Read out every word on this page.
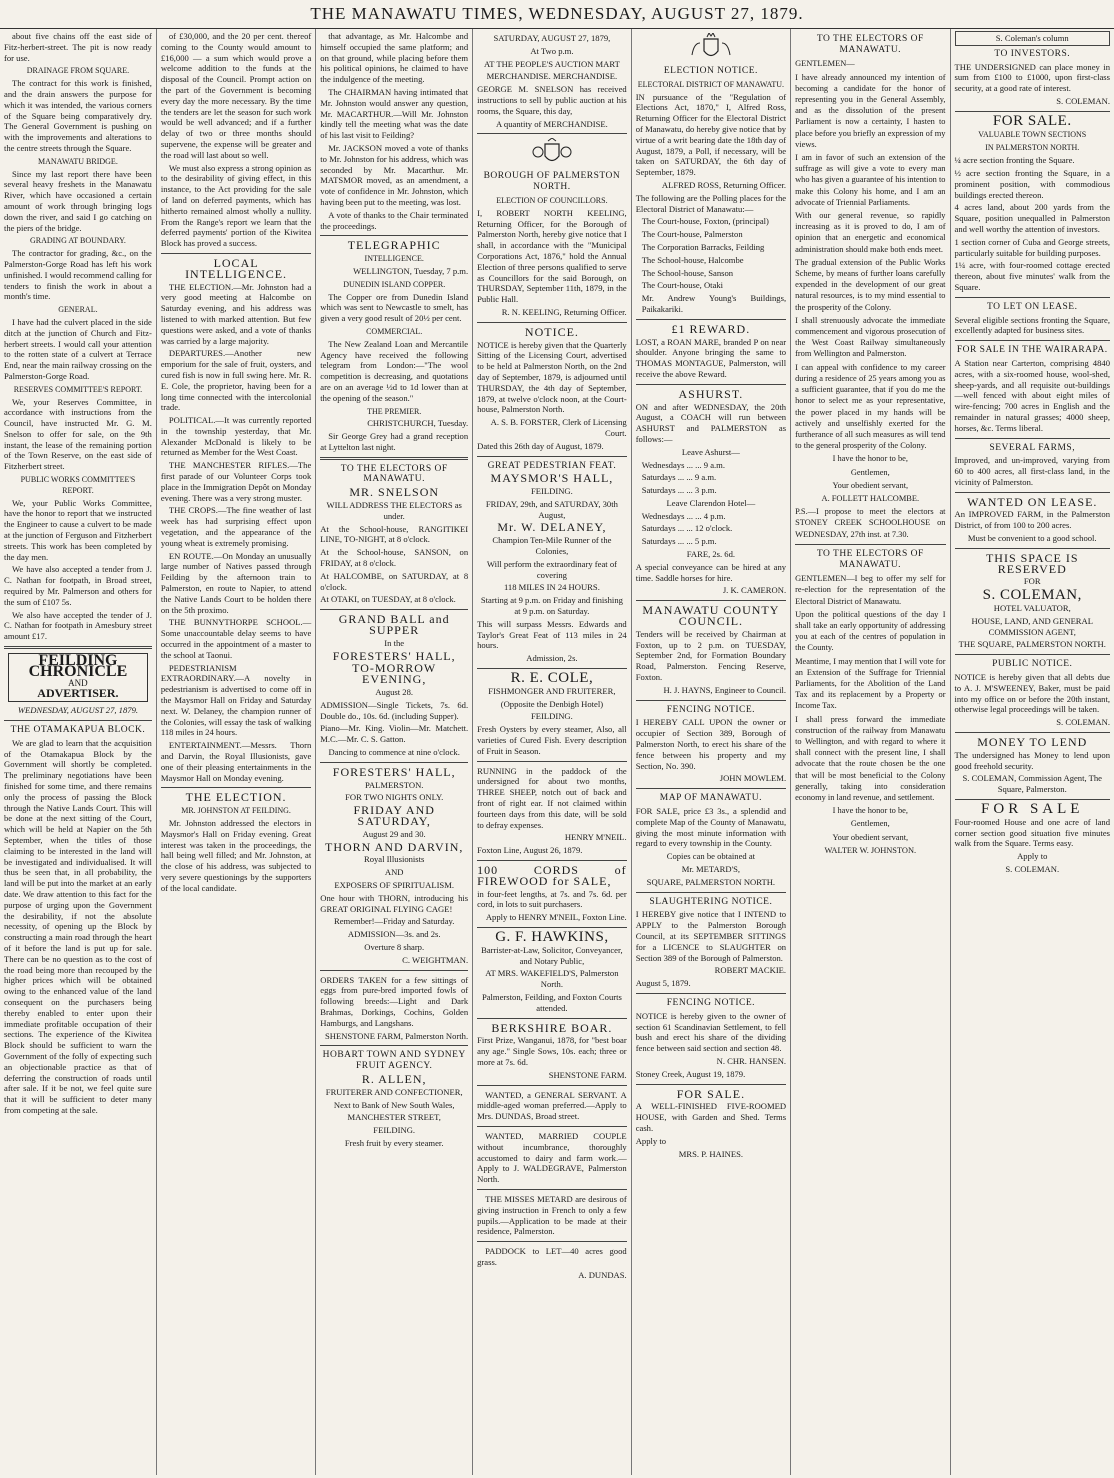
THE MANAWATU TIMES, WEDNESDAY, AUGUST 27, 1879.

about five chains off the east side of Fitz-herbert-street. The pit is now ready for use.

DRAINAGE FROM SQUARE.

The contract for this work is finished, and the drain answers the purpose for which it was intended, the various corners of the Square being comparatively dry. The General Government is pushing on with the improvements and alterations to the centre streets through the Square.

MANAWATU BRIDGE.

Since my last report there have been several heavy freshets in the Manawatu River, which have occasioned a certain amount of work through bringing logs down the river, and said I go catching on the piers of the bridge.

GRADING AT BOUNDARY.

The contractor for grading, &c., on the Palmerston-Gorge Road has left his work unfinished. I would recommend calling for tenders to finish the work in about a month's time.

GENERAL.

I have had the culvert placed in the side ditch at the junction of Church and Fitz-herbert streets. I would call your attention to the rotten state of a culvert at Terrace End, near the main railway crossing on the Palmerston-Gorge Road.

RESERVES COMMITTEE'S REPORT.

We, your Reserves Committee, in accordance with instructions from the Council, have instructed Mr. G. M. Snelson to offer for sale, on the 9th instant, the lease of the remaining portion of the Town Reserve, on the east side of Fitzherbert street.

PUBLIC WORKS COMMITTEE'S REPORT.

We, your Public Works Committee, have the honor to report that we instructed the Engineer to cause a culvert to be made at the junction of Ferguson and Fitzherbert streets. This work has been completed by the day men.

We have also accepted a tender from J. C. Nathan for footpath, in Broad street, required by Mr. Palmerson and others for the sum of £107 5s.

We also have accepted the tender of J. C. Nathan for footpath in Amesbury street amount £17.

FEILDING CHRONICLE
AND
ADVERTISER.

WEDNESDAY, AUGUST 27, 1879.

THE OTAMAKAPUA BLOCK.

We are glad to learn that the acquisition of the Otamakapua Block by the Government will shortly be completed. The preliminary negotiations have been finished for some time, and there remains only the process of passing the Block through the Native Lands Court. This will be done at the next sitting of the Court, which will be held at Napier on the 5th September, when the titles of those claiming to be interested in the land will be investigated and individualised. It will thus be seen that, in all probability, the land will be put into the market at an early date. We draw attention to this fact for the purpose of urging upon the Government the desirability, if not the absolute necessity, of opening up the Block by constructing a main road through the heart of it before the land is put up for sale. There can be no question as to the cost of the road being more than recouped by the higher prices which will be obtained owing to the enhanced value of the land consequent on the purchasers being thereby enabled to enter upon their immediate profitable occupation of their sections. The experience of the Kiwitea Block should be sufficient to warn the Government of the folly of expecting such an objectionable practice as that of deferring the construction of roads until after sale. If it be not, we feel quite sure that it will be sufficient to deter many from competing at the sale.

of £30,000, and the 20 per cent. thereof coming to the County would amount to £16,000 — a sum which would prove a welcome addition to the funds at the disposal of the Council. Prompt action on the part of the Government is becoming every day the more necessary. By the time the tenders are let the season for such work would be well advanced; and if a further delay of two or three months should supervene, the expense will be greater and the road will last about so well.

We must also express a strong opinion as to the desirability of giving effect, in this instance, to the Act providing for the sale of land on deferred payments, which has hitherto remained almost wholly a nullity. From the Range's report we learn that the deferred payments' portion of the Kiwitea Block has proved a success.

LOCAL INTELLIGENCE.

THE ELECTION.—Mr. Johnston had a very good meeting at Halcombe on Saturday evening, and his address was listened to with marked attention. But few questions were asked, and a vote of thanks was carried by a large majority.

DEPARTURES.—Another new emporium for the sale of fruit, oysters, and cured fish is now in full swing here. Mr. R. E. Cole, the proprietor, having been for a long time connected with the intercolonial trade.

POLITICAL.—It was currently reported in the township yesterday, that Mr. Alexander McDonald is likely to be returned as Member for the West Coast.

THE MANCHESTER RIFLES.—The first parade of our Volunteer Corps took place in the Immigration Depôt on Monday evening. There was a very strong muster.

THE CROPS.—The fine weather of last week has had surprising effect upon vegetation, and the appearance of the young wheat is extremely promising.

EN ROUTE.—On Monday an unusually large number of Natives passed through Feilding by the afternoon train to Palmerston, en route to Napier, to attend the Native Lands Court to be holden there on the 5th proximo.

THE BUNNYTHORPE SCHOOL.—Some unaccountable delay seems to have occurred in the appointment of a master to the school at Taonui.

PEDESTRIANISM EXTRAORDINARY.—A novelty in pedestrianism is advertised to come off in the Maysmor Hall on Friday and Saturday next. W. Delaney, the champion runner of the Colonies, will essay the task of walking 118 miles in 24 hours.

ENTERTAINMENT.—Messrs. Thorn and Darvin, the Royal Illusionists, gave one of their pleasing entertainments in the Maysmor Hall on Monday evening.

THE ELECTION.
MR. JOHNSTON AT FEILDING.

Mr. Johnston addressed the electors in Maysmor's Hall on Friday evening. Great interest was taken in the proceedings, the hall being well filled; and Mr. Johnston, at the close of his address, was subjected to very severe questionings by the supporters of the local candidate.

that advantage, as Mr. Halcombe and himself occupied the same platform; and on that ground, while placing before them his political opinions, he claimed to have the indulgence of the meeting.

The CHAIRMAN having intimated that Mr. Johnston would answer any question, Mr. MACARTHUR.—Will Mr. Johnston kindly tell the meeting what was the date of his last visit to Feilding?

Mr. JACKSON moved a vote of thanks to Mr. Johnston for his address, which was seconded by Mr. Macarthur. Mr. MATSMOR moved, as an amendment, a vote of confidence in Mr. Johnston, which having been put to the meeting, was lost.

A vote of thanks to the Chair terminated the proceedings.

TELEGRAPHIC
INTELLIGENCE.

WELLINGTON, Tuesday, 7 p.m.

DUNEDIN ISLAND COPPER.

The Copper ore from Dunedin Island which was sent to Newcastle to smelt, has given a very good result of 20½ per cent.

COMMERCIAL.

The New Zealand Loan and Mercantile Agency have received the following telegram from London:—"The wool competition is decreasing, and quotations are on an average ½d to 1d lower than at the opening of the season."

THE PREMIER.

CHRISTCHURCH, Tuesday.

Sir George Grey had a grand reception at Lyttelton last night.

TO THE ELECTORS OF MANAWATU.

MR. SNELSON

WILL ADDRESS THE ELECTORS as under.

At the School-house, RANGITIKEI LINE, TO-NIGHT, at 8 o'clock.

At the School-house, SANSON, on FRIDAY, at 8 o'clock.

At HALCOMBE, on SATURDAY, at 8 o'clock.

At OTAKI, on TUESDAY, at 8 o'clock.

GRAND BALL and SUPPER

In the

FORESTERS' HALL,

TO-MORROW EVENING,

August 28.

ADMISSION—Single Tickets, 7s. 6d. Double do., 10s. 6d. (including Supper).

Piano—Mr. King. Violin—Mr. Matchett. M.C.—Mr. C. S. Gatton.

Dancing to commence at nine o'clock.

FORESTERS' HALL,

PALMERSTON.

FOR TWO NIGHTS ONLY.

FRIDAY AND SATURDAY,

August 29 and 30.

THORN AND DARVIN,

Royal Illusionists

AND

EXPOSERS OF SPIRITUALISM.

One hour with THORN, introducing his GREAT ORIGINAL FLYING CAGE!

Remember!—Friday and Saturday.

ADMISSION—3s. and 2s.

Overture 8 sharp.

C. WEIGHTMAN.

ORDERS TAKEN for a few sittings of eggs from pure-bred imported fowls of following breeds:—Light and Dark Brahmas, Dorkings, Cochins, Golden Hamburgs, and Langshans.

SHENSTONE FARM, Palmerston North.

HOBART TOWN AND SYDNEY FRUIT AGENCY.

R. ALLEN,

FRUITERER AND CONFECTIONER,

Next to Bank of New South Wales,

MANCHESTER STREET,

FEILDING.

Fresh fruit by every steamer.

SATURDAY, AUGUST 27, 1879,

At Two p.m.

AT THE PEOPLE'S AUCTION MART

MERCHANDISE. MERCHANDISE.

GEORGE M. SNELSON has received instructions to sell by public auction at his rooms, the Square, this day,

A quantity of MERCHANDISE.

BOROUGH OF PALMERSTON NORTH.
ELECTION OF COUNCILLORS.

I, ROBERT NORTH KEELING, Returning Officer, for the Borough of Palmerston North, hereby give notice that I shall, in accordance with the "Municipal Corporations Act, 1876," hold the Annual Election of three persons qualified to serve as Councillors for the said Borough, on THURSDAY, September 11th, 1879, in the Public Hall.

R. N. KEELING, Returning Officer.

NOTICE.

NOTICE is hereby given that the Quarterly Sitting of the Licensing Court, advertised to be held at Palmerston North, on the 2nd day of September, 1879, is adjourned until THURSDAY, the 4th day of September, 1879, at twelve o'clock noon, at the Court-house, Palmerston North.

A. S. B. FORSTER, Clerk of Licensing Court.

Dated this 26th day of August, 1879.

GREAT PEDESTRIAN FEAT.

MAYSMOR'S HALL,

FEILDING.

FRIDAY, 29th, and SATURDAY, 30th August,

Mr. W. DELANEY,

Champion Ten-Mile Runner of the Colonies,

Will perform the extraordinary feat of covering

118 MILES IN 24 HOURS.

Starting at 9 p.m. on Friday and finishing at 9 p.m. on Saturday.

This will surpass Messrs. Edwards and Taylor's Great Feat of 113 miles in 24 hours.

Admission, 2s.

R. E. COLE,

FISHMONGER AND FRUITERER,

(Opposite the Denbigh Hotel)

FEILDING.

Fresh Oysters by every steamer, Also, all varieties of Cured Fish. Every description of Fruit in Season.

RUNNING in the paddock of the undersigned for about two months, THREE SHEEP, notch out of back and front of right ear. If not claimed within fourteen days from this date, will be sold to defray expenses.

HENRY M'NEIL.

Foxton Line, August 26, 1879.

100 CORDS of FIREWOOD for SALE,

in four-feet lengths, at 7s. and 7s. 6d. per cord, in lots to suit purchasers.

Apply to HENRY M'NEIL, Foxton Line.

G. F. HAWKINS,

Barrister-at-Law, Solicitor, Conveyancer, and Notary Public,

AT MRS. WAKEFIELD'S, Palmerston North.

Palmerston, Feilding, and Foxton Courts attended.

BERKSHIRE BOAR.

First Prize, Wanganui, 1878, for "best boar any age." Single Sows, 10s. each; three or more at 7s. 6d.

SHENSTONE FARM.

WANTED, a GENERAL SERVANT. A middle-aged woman preferred.—Apply to Mrs. DUNDAS, Broad street.

WANTED, MARRIED COUPLE without incumbrance, thoroughly accustomed to dairy and farm work.—Apply to J. WALDEGRAVE, Palmerston North.

THE MISSES METARD are desirous of giving instruction in French to only a few pupils.—Application to be made at their residence, Palmerston.

PADDOCK to LET—40 acres good grass.

A. DUNDAS.

ELECTION NOTICE.
ELECTORAL DISTRICT OF MANAWATU.

IN pursuance of the "Regulation of Elections Act, 1870," I, Alfred Ross, Returning Officer for the Electoral District of Manawatu, do hereby give notice that by virtue of a writ bearing date the 18th day of August, 1879, a Poll, if necessary, will be taken on SATURDAY, the 6th day of September, 1879.

ALFRED ROSS, Returning Officer.

The following are the Polling places for the Electoral District of Manawatu:—

The Court-house, Foxton, (principal)

The Court-house, Palmerston

The Corporation Barracks, Feilding

The School-house, Halcombe

The School-house, Sanson

The Court-house, Otaki

Mr. Andrew Young's Buildings, Paikakariki.

£1 REWARD.

LOST, a ROAN MARE, branded P on near shoulder. Anyone bringing the same to THOMAS MONTAGUE, Palmerston, will receive the above Reward.

ASHURST.

ON and after WEDNESDAY, the 20th August, a COACH will run between ASHURST and PALMERSTON as follows:—

Leave Ashurst—

Wednesdays ... ... 9 a.m.

Saturdays ... ... 9 a.m.

Saturdays ... ... 3 p.m.

Leave Clarendon Hotel—

Wednesdays ... ... 4 p.m.

Saturdays ... ... 12 o'clock.

Saturdays ... ... 5 p.m.

FARE, 2s. 6d.

A special conveyance can be hired at any time. Saddle horses for hire.

J. K. CAMERON.

MANAWATU COUNTY COUNCIL.

Tenders will be received by Chairman at Foxton, up to 2 p.m. on TUESDAY, September 2nd, for Formation Boundary Road, Palmerston. Fencing Reserve, Foxton.

H. J. HAYNS, Engineer to Council.

FENCING NOTICE.

I HEREBY CALL UPON the owner or occupier of Section 389, Borough of Palmerston North, to erect his share of the fence between his property and my Section, No. 390.

JOHN MOWLEM.

MAP OF MANAWATU.

FOR SALE, price £3 3s., a splendid and complete Map of the County of Manawatu, giving the most minute information with regard to every township in the County.

Copies can be obtained at

Mr. METARD'S,

SQUARE, PALMERSTON NORTH.

SLAUGHTERING NOTICE.

I HEREBY give notice that I INTEND to APPLY to the Palmerston Borough Council, at its SEPTEMBER SITTINGS for a LICENCE to SLAUGHTER on Section 389 of the Borough of Palmerston.

ROBERT MACKIE.

August 5, 1879.

FENCING NOTICE.

NOTICE is hereby given to the owner of section 61 Scandinavian Settlement, to fell bush and erect his share of the dividing fence between said section and section 48.

N. CHR. HANSEN.

Stoney Creek, August 19, 1879.

FOR SALE.

A WELL-FINISHED FIVE-ROOMED HOUSE, with Garden and Shed. Terms cash.

Apply to

MRS. P. HAINES.

TO THE ELECTORS OF MANAWATU.

GENTLEMEN—

I have already announced my intention of becoming a candidate for the honor of representing you in the General Assembly, and as the dissolution of the present Parliament is now a certainty, I hasten to place before you briefly an expression of my views.

I am in favor of such an extension of the suffrage as will give a vote to every man who has given a guarantee of his intention to make this Colony his home, and I am an advocate of Triennial Parliaments.

With our general revenue, so rapidly increasing as it is proved to do, I am of opinion that an energetic and economical administration should make both ends meet.

The gradual extension of the Public Works Scheme, by means of further loans carefully expended in the development of our great natural resources, is to my mind essential to the prosperity of the Colony.

I shall strenuously advocate the immediate commencement and vigorous prosecution of the West Coast Railway simultaneously from Wellington and Palmerston.

I can appeal with confidence to my career during a residence of 25 years among you as a sufficient guarantee, that if you do me the honor to select me as your representative, the power placed in my hands will be actively and unselfishly exerted for the furtherance of all such measures as will tend to the general prosperity of the Colony.

I have the honor to be,

Gentlemen,

Your obedient servant,

A. FOLLETT HALCOMBE.

P.S.—I propose to meet the electors at STONEY CREEK SCHOOLHOUSE on WEDNESDAY, 27th inst. at 7.30.

TO THE ELECTORS OF MANAWATU.

GENTLEMEN—I beg to offer my self for re-election for the representation of the Electoral District of Manawatu.

Upon the political questions of the day I shall take an early opportunity of addressing you at each of the centres of population in the County.

Meantime, I may mention that I will vote for an Extension of the Suffrage for Triennial Parliaments, for the Abolition of the Land Tax and its replacement by a Property or Income Tax.

I shall press forward the immediate construction of the railway from Manawatu to Wellington, and with regard to where it shall connect with the present line, I shall advocate that the route chosen be the one that will be most beneficial to the Colony generally, taking into consideration economy in land revenue, and settlement.

I have the honor to be,

Gentlemen,

Your obedient servant,

WALTER W. JOHNSTON.

S. Coleman's column

TO INVESTORS.

THE UNDERSIGNED can place money in sum from £100 to £1000, upon first-class security, at a good rate of interest.

S. COLEMAN.

FOR SALE.
VALUABLE TOWN SECTIONS
IN PALMERSTON NORTH.

¼ acre section fronting the Square.

½ acre section fronting the Square, in a prominent position, with commodious buildings erected thereon.

4 acres land, about 200 yards from the Square, position unequalled in Palmerston and well worthy the attention of investors.

1 section corner of Cuba and George streets, particularly suitable for building purposes.

1¼ acre, with four-roomed cottage erected thereon, about five minutes' walk from the Square.

TO LET ON LEASE.

Several eligible sections fronting the Square, excellently adapted for business sites.

FOR SALE IN THE WAIRARAPA.

A Station near Carterton, comprising 4840 acres, with a six-roomed house, wool-shed, sheep-yards, and all requisite out-buildings—well fenced with about eight miles of wire-fencing; 700 acres in English and the remainder in natural grasses; 4000 sheep, horses, &c. Terms liberal.

SEVERAL FARMS,

Improved, and un-improved, varying from 60 to 400 acres, all first-class land, in the vicinity of Palmerston.

WANTED ON LEASE.

An IMPROVED FARM, in the Palmerston District, of from 100 to 200 acres.

Must be convenient to a good school.

THIS SPACE IS RESERVED

FOR

S. COLEMAN,

HOTEL VALUATOR,

HOUSE, LAND, AND GENERAL COMMISSION AGENT,

THE SQUARE, PALMERSTON NORTH.

PUBLIC NOTICE.

NOTICE is hereby given that all debts due to A. J. M'SWEENEY, Baker, must be paid into my office on or before the 20th instant, otherwise legal proceedings will be taken.

S. COLEMAN.

MONEY TO LEND

The undersigned has Money to lend upon good freehold security.

S. COLEMAN, Commission Agent, The Square, Palmerston.

FOR SALE

Four-roomed House and one acre of land corner section good situation five minutes walk from the Square. Terms easy.

Apply to

S. COLEMAN.
